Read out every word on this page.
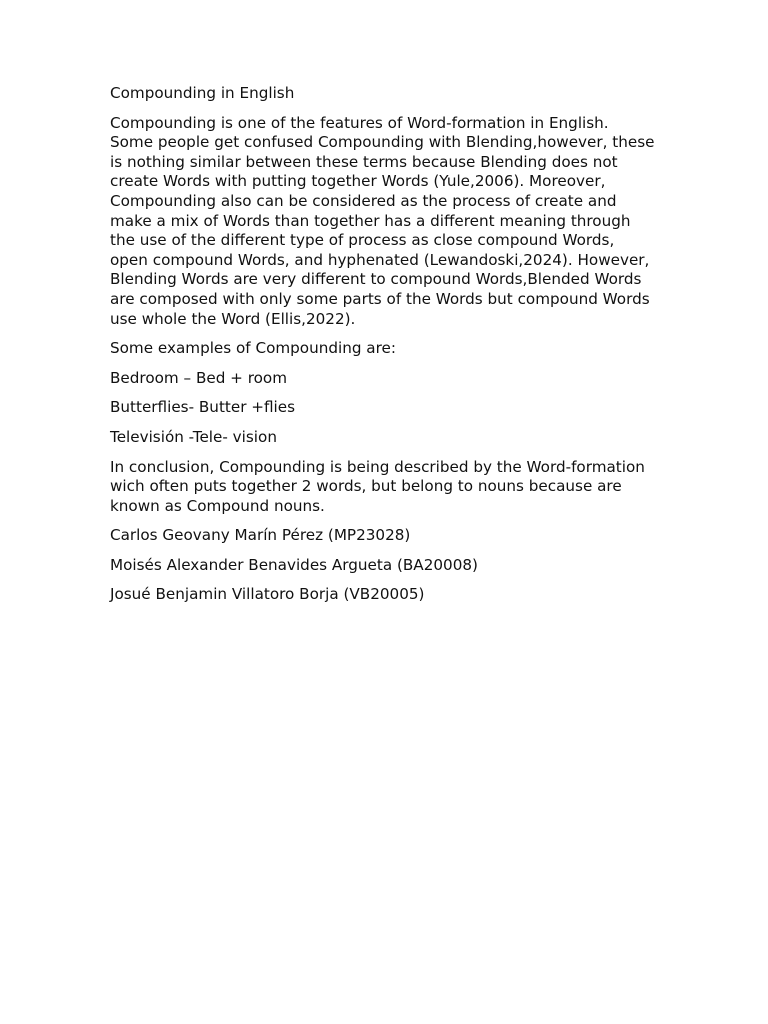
Compounding in English
Compounding is one of the features of Word-formation in English. Some people get confused Compounding with Blending,however, these is nothing similar between these terms because Blending does not create Words with putting together Words (Yule,2006). Moreover, Compounding also can be considered as the process of create and make a mix of Words than together has a different meaning through the use of the different type of process as close compound Words, open compound Words, and hyphenated (Lewandoski,2024). However, Blending Words are very different to compound Words,Blended Words are composed with only some parts of the Words but compound Words use whole the Word (Ellis,2022).
Some examples of Compounding are:
Bedroom – Bed + room
Butterflies- Butter +flies
Televisión -Tele- vision
In conclusion, Compounding is being described by the Word-formation wich often puts together 2 words, but belong to nouns because are known as Compound nouns.
Carlos Geovany Marín Pérez (MP23028)
Moisés Alexander Benavides Argueta (BA20008)
Josué Benjamin Villatoro Borja (VB20005)
